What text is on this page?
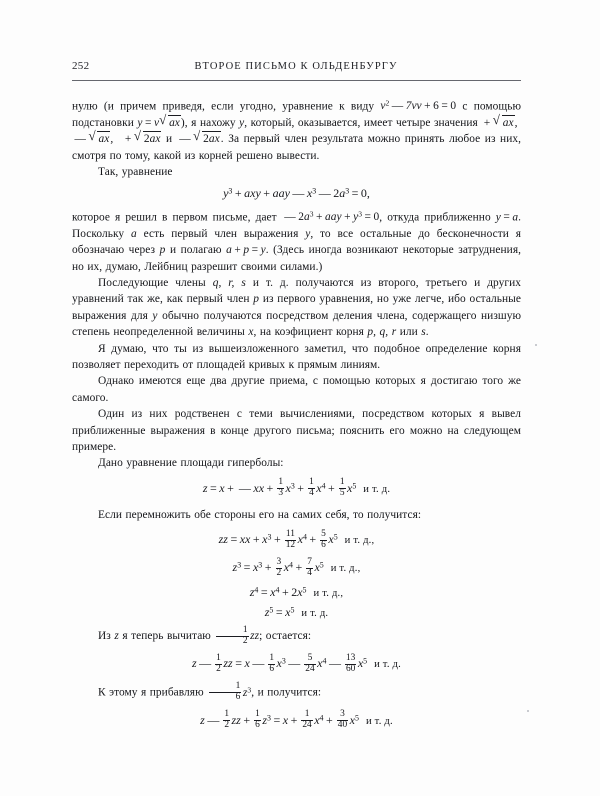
252	ВТОРОЕ ПИСЬМО К ОЛЬДЕНБУРГУ

нулю (и причем приведя, если угодно, уравнение к виду $v^2$ — 7vv + 6 = 0 с помощью подстановки y = v √ ax), я нахожу y, который, оказывается, имеет четыре значения + √ ax,  — √ ax,  + √ 2ax и — √ 2ax. За первый член результата можно принять любое из них, смотря по тому, какой из корней решено вывести.

Так, уравнение

$y^3$ + axy + aay — $x^3$ — $2a^3 = 0$,

которое я решил в первом письме, дает — $2a^3$ + aay + $y^3 = 0$, откуда приближенно y = a. Поскольку a есть первый член выражения y, то все остальные до бесконечности я обозначаю через p и полагаю a + p = y. (Здесь иногда возникают некоторые затруднения, но их, думаю, Лейбниц разрешит своими силами.)

Последующие члены q, r, s и т. д. получаются из второго, третьего и других уравнений так же, как первый член p из первого уравнения, но уже легче, ибо остальные выражения для y обычно получаются посредством деления члена, содержащего низшую степень неопределенной величины x, на коэфициент корня p, q, r или s.

Я думаю, что ты из вышеизложенного заметил, что подобное определение корня позволяет переходить от площадей кривых к прямым линиям.

Однако имеются еще два другие приема, с помощью которых я достигаю того же самого.

Один из них родственен с теми вычислениями, посредством которых я вывел приближенные выражения в конце другого письма; пояснить его можно на следующем примере.

Дано уравнение площади гиперболы:

z = x + — xx + $\frac{1}{3} x^3 + \frac{1}{4} x^4 + \frac{1}{5} x^5$ и т. д.

Если перемножить обе стороны его на самих себя, то получится:

zz = xx + $x^3 + \frac{11}{12} x^4 + \frac{5}{6} x^5$ и т. д.,
$z^3 = x^3 + \frac{3}{2} x^4 + \frac{7}{4} x^5$ и т. д.,
$z^4 = x^4 + 2x^5$ и т. д.,
$z^5 = x^5$ и т. д.

Из z я теперь вычитаю $\frac{1}{2}$ zz; остается:

z — $\frac{1}{2}$ zz = x — $\frac{1}{6} x^3$ — $\frac{5}{24} x^4$ — $\frac{13}{60} x^5$ и т. д.

К этому я прибавляю $\frac{1}{6} z^3$, и получится:

z — $\frac{1}{2}$ zz + $\frac{1}{6} z^3 = x + \frac{1}{24} x^4 + \frac{3}{40} x^5$ и т. д.
